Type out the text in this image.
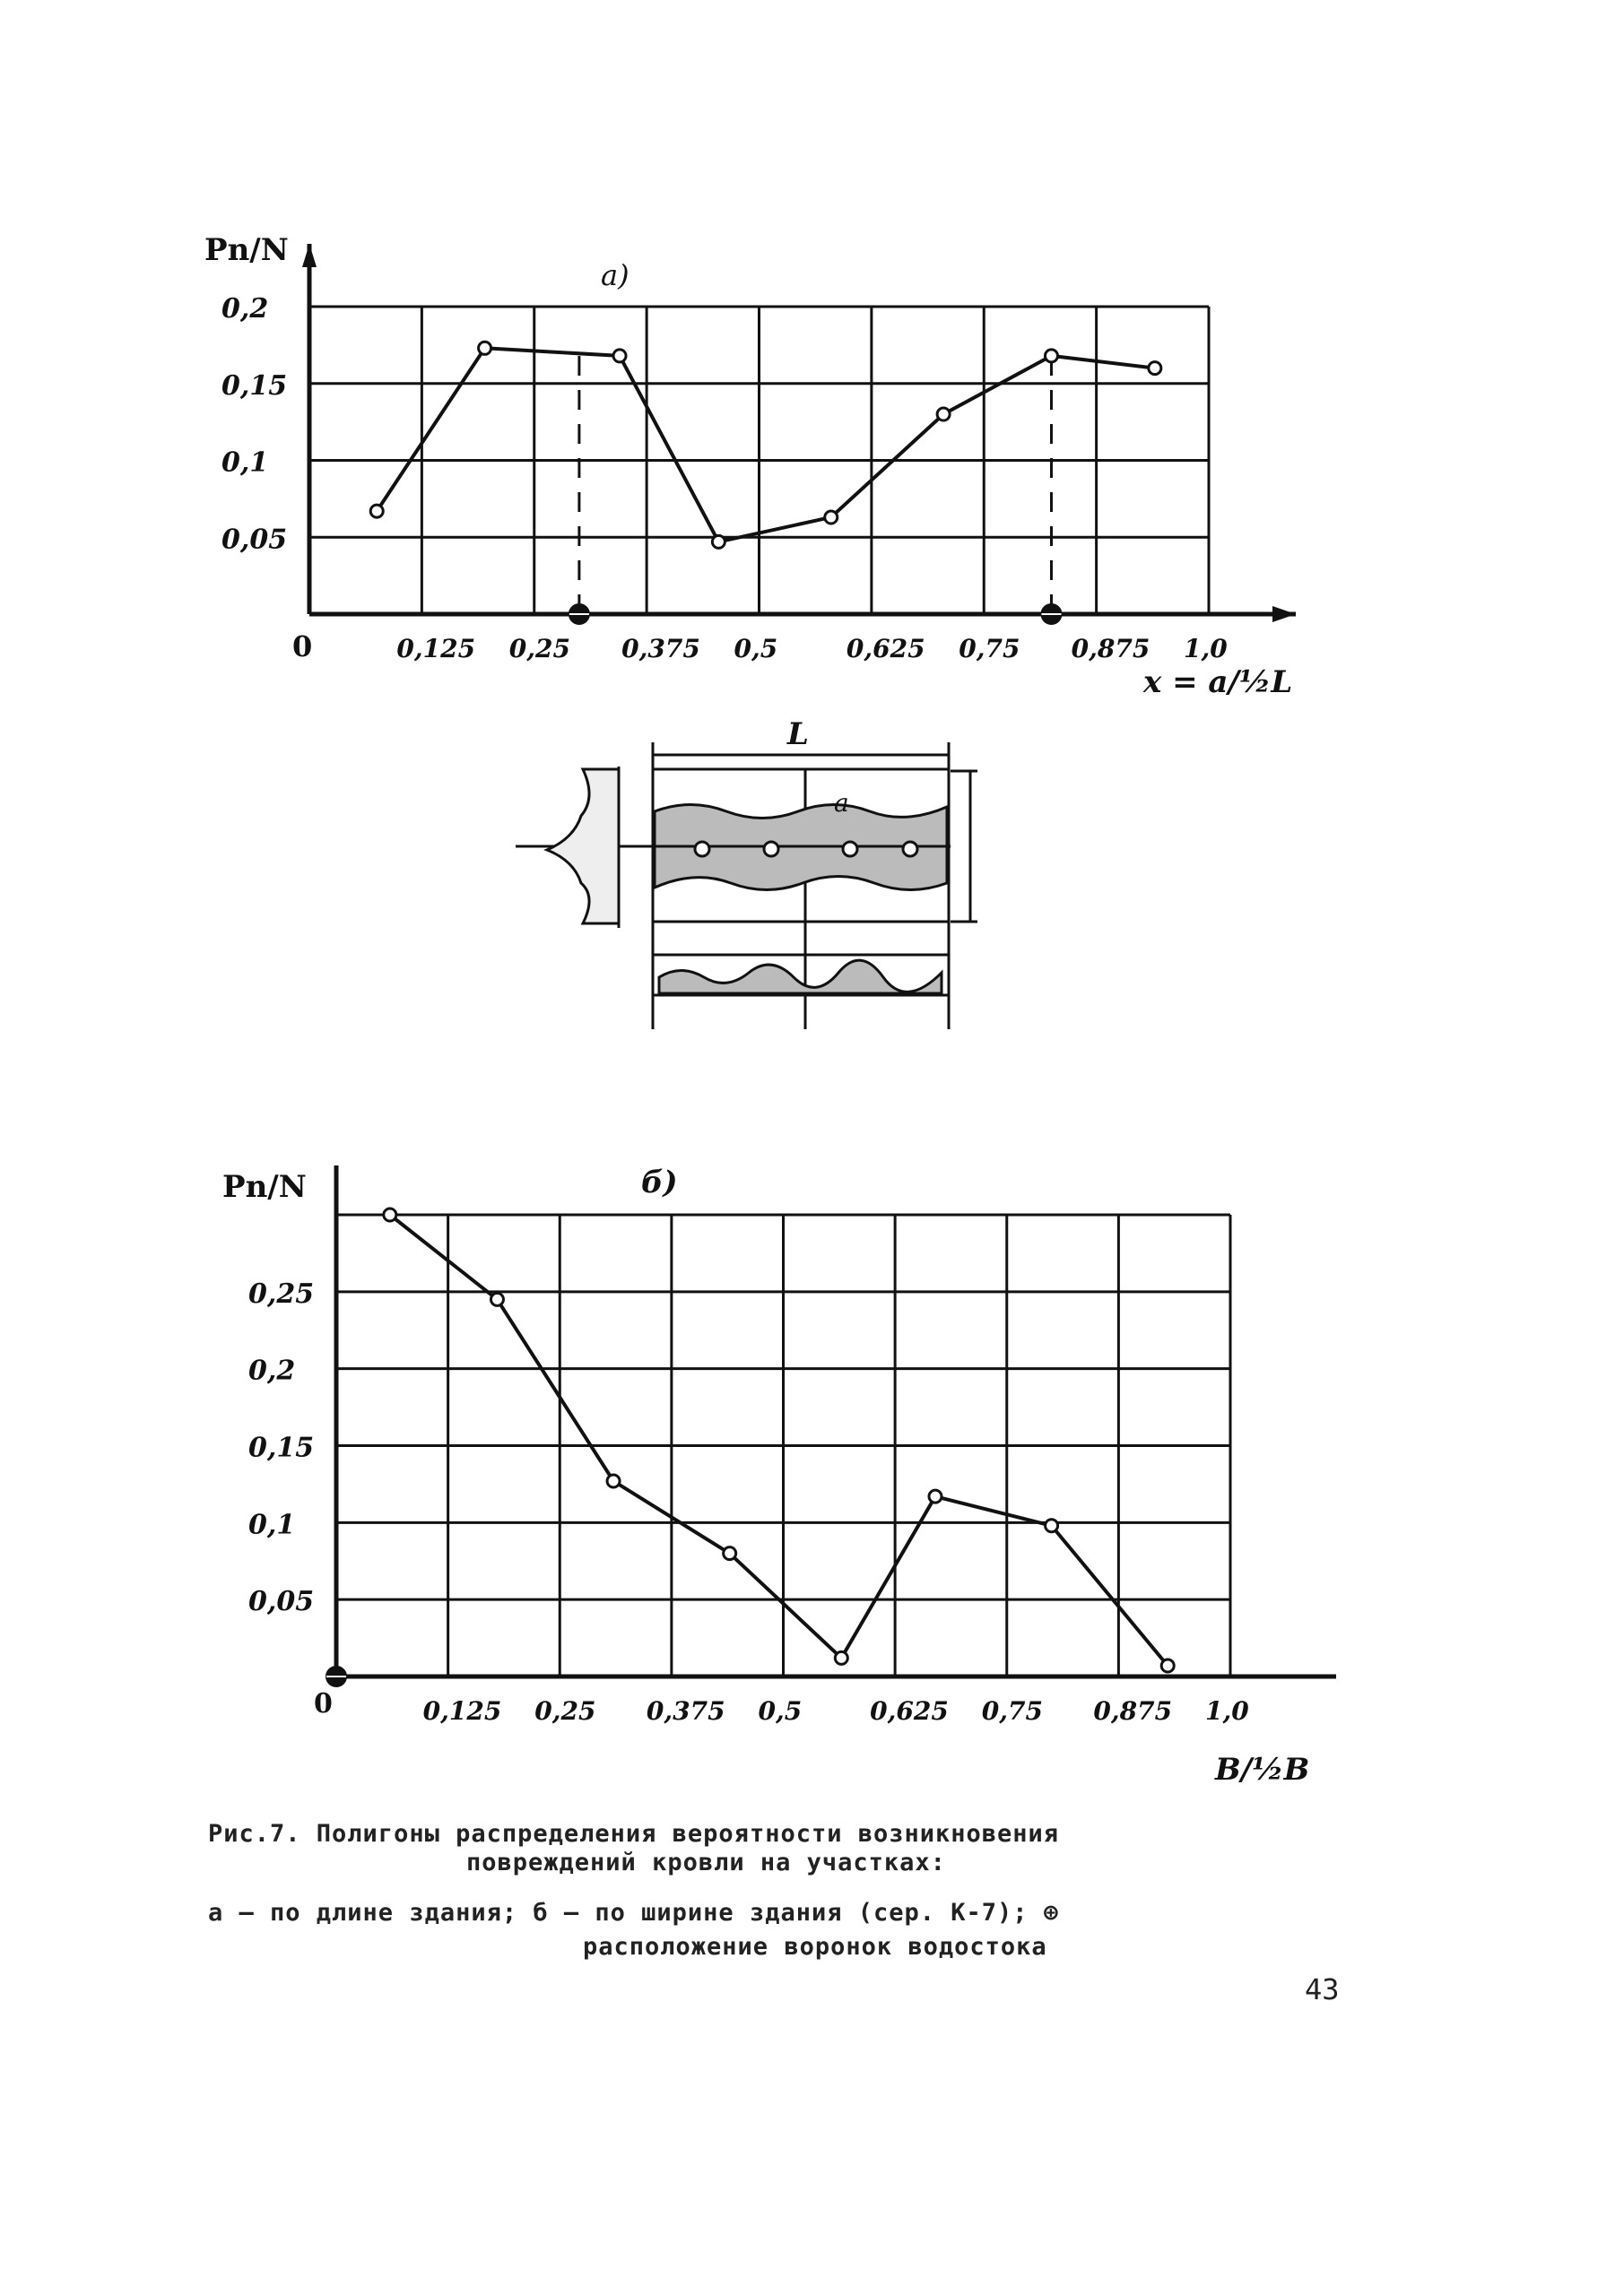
Pn/N
a)
0
x = a/½L
0,125 0,25 0,375 0,5	0,625 0,75 0,875 1,0
0,05
0,1
0,15
0,2
L
a
Pn/N	б)
0
B/½B
0,125 0,25 0,375 0,5	0,625 0,75 0,875 1,0
0,05
0,1
0,15
0,2
0,25
Рис.7. Полигоны распределения вероятности возникновения
повреждений кровли на участках:
а – по длине здания; б – по ширине здания (сер. К-7); ⊕
расположение воронок водостока
43
